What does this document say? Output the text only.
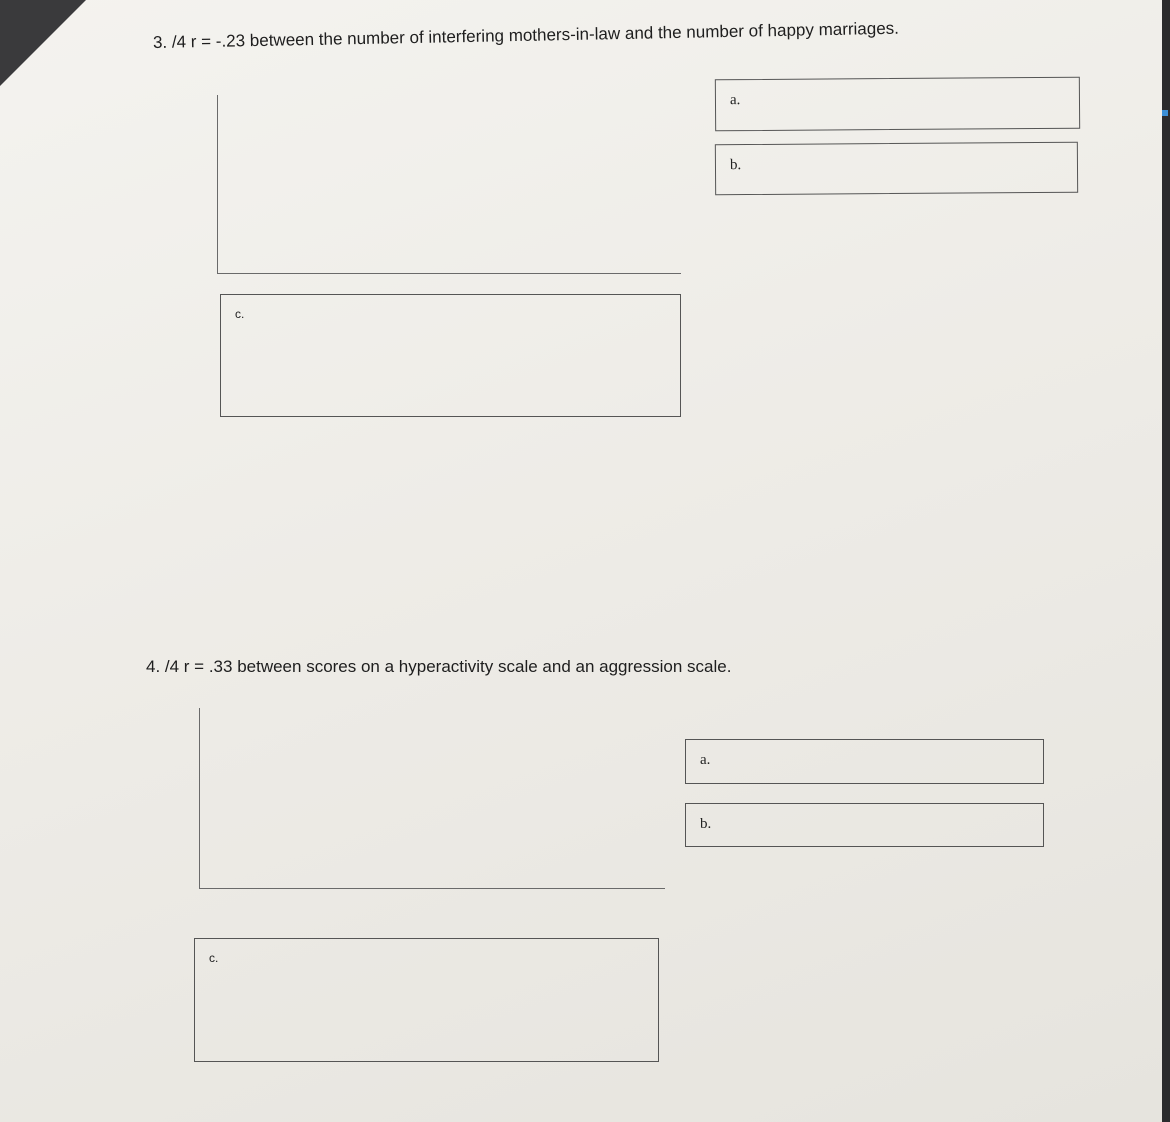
3. /4 r = -.23 between the number of interfering mothers-in-law and the number of happy marriages.

a.
b.
c.

4. /4 r = .33 between scores on a hyperactivity scale and an aggression scale.

a.
b.
c.
